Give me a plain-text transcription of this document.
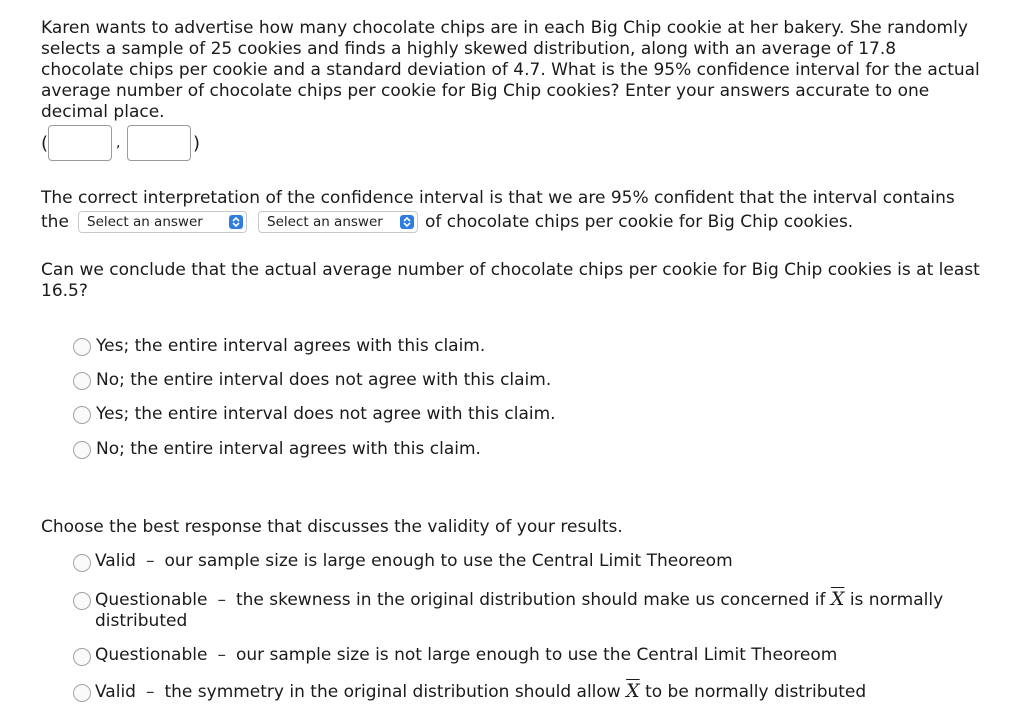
Karen wants to advertise how many chocolate chips are in each Big Chip cookie at her bakery. She randomly selects a sample of 25 cookies and finds a highly skewed distribution, along with an average of 17.8 chocolate chips per cookie and a standard deviation of 4.7. What is the 95% confidence interval for the actual average number of chocolate chips per cookie for Big Chip cookies? Enter your answers accurate to one decimal place.

(	,	)

The correct interpretation of the confidence interval is that we are 95% confident that the interval contains

the	Select an answer	Select an answer	of chocolate chips per cookie for Big Chip cookies.

Can we conclude that the actual average number of chocolate chips per cookie for Big Chip cookies is at least 16.5?

Yes; the entire interval agrees with this claim.
No; the entire interval does not agree with this claim.
Yes; the entire interval does not agree with this claim.
No; the entire interval agrees with this claim.

Choose the best response that discusses the validity of your results.

Valid – our sample size is large enough to use the Central Limit Theoreom
Questionable – the skewness in the original distribution should make us concerned if $\overline{X}$ is normally distributed
Questionable – our sample size is not large enough to use the Central Limit Theoreom
Valid – the symmetry in the original distribution should allow $\overline{X}$ to be normally distributed
